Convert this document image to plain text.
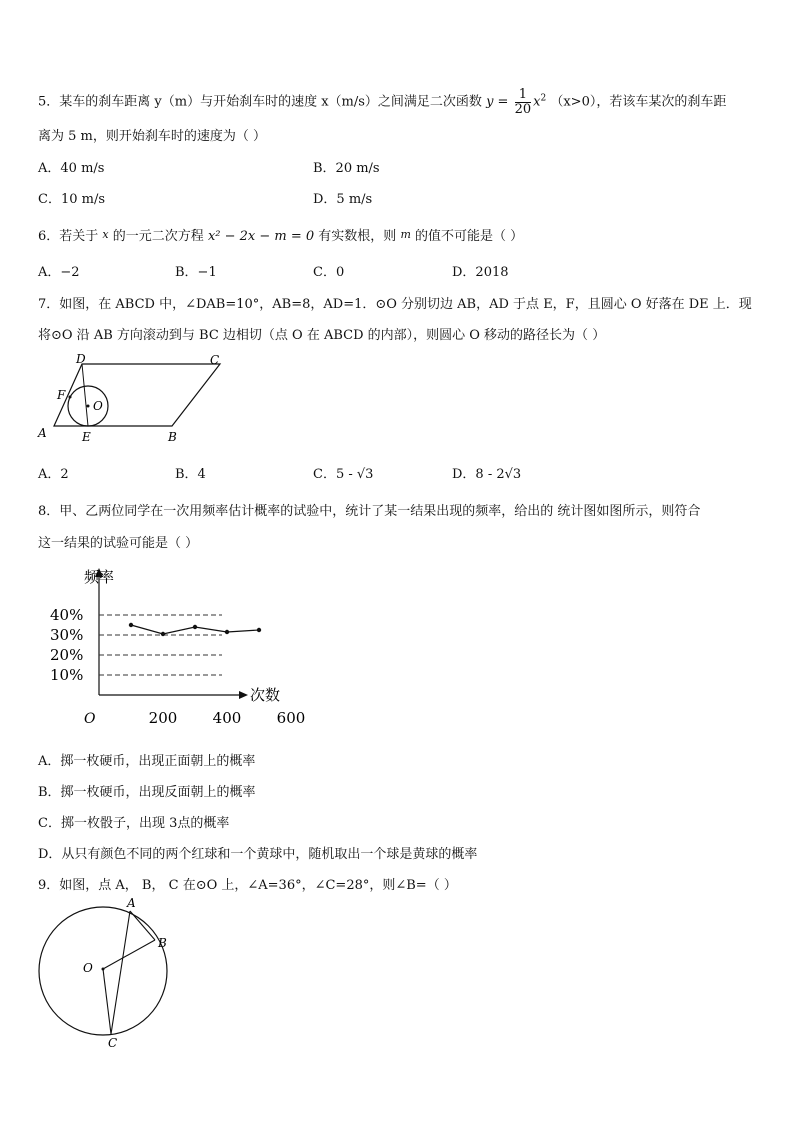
5．某车的刹车距离 y（m）与开始刹车时的速度 x（m/s）之间满足二次函数 $y = \frac{1}{20} x^2$ （x>0），若该车某次的刹车距
离为 5 m，则开始刹车时的速度为（ ）
A．40 m/s	B．20 m/s
C．10 m/s	D．5 m/s
6．若关于 x 的一元二次方程 x² − 2x − m = 0 有实数根，则 m 的值不可能是（ ）
A．−2	B．−1	C．0	D．2018
7．如图，在 ABCD 中，∠DAB=10°，AB=8，AD=1．⊙O 分别切边 AB，AD 于点 E，F，且圆心 O 好落在 DE 上．现
将⊙O 沿 AB 方向滚动到与 BC 边相切（点 O 在 ABCD 的内部），则圆心 O 移动的路径长为（ ）
D	C
F
O
A	E	B
A．2	B．4	C．5 - √3	D．8 - 2√3
8．甲、乙两位同学在一次用频率估计概率的试验中，统计了某一结果出现的频率，给出的 统计图如图所示，则符合
这一结果的试验可能是（ ）
频率
次数
O
10%
20%
30%
40%
200 400 600
A．掷一枚硬币，出现正面朝上的概率
B．掷一枚硬币，出现反面朝上的概率
C．掷一枚骰子，出现 3点的概率
D．从只有颜色不同的两个红球和一个黄球中，随机取出一个球是黄球的概率
9．如图，点 A， B， C 在⊙O 上，∠A=36°，∠C=28°，则∠B=（ ）
A
B
O
C
